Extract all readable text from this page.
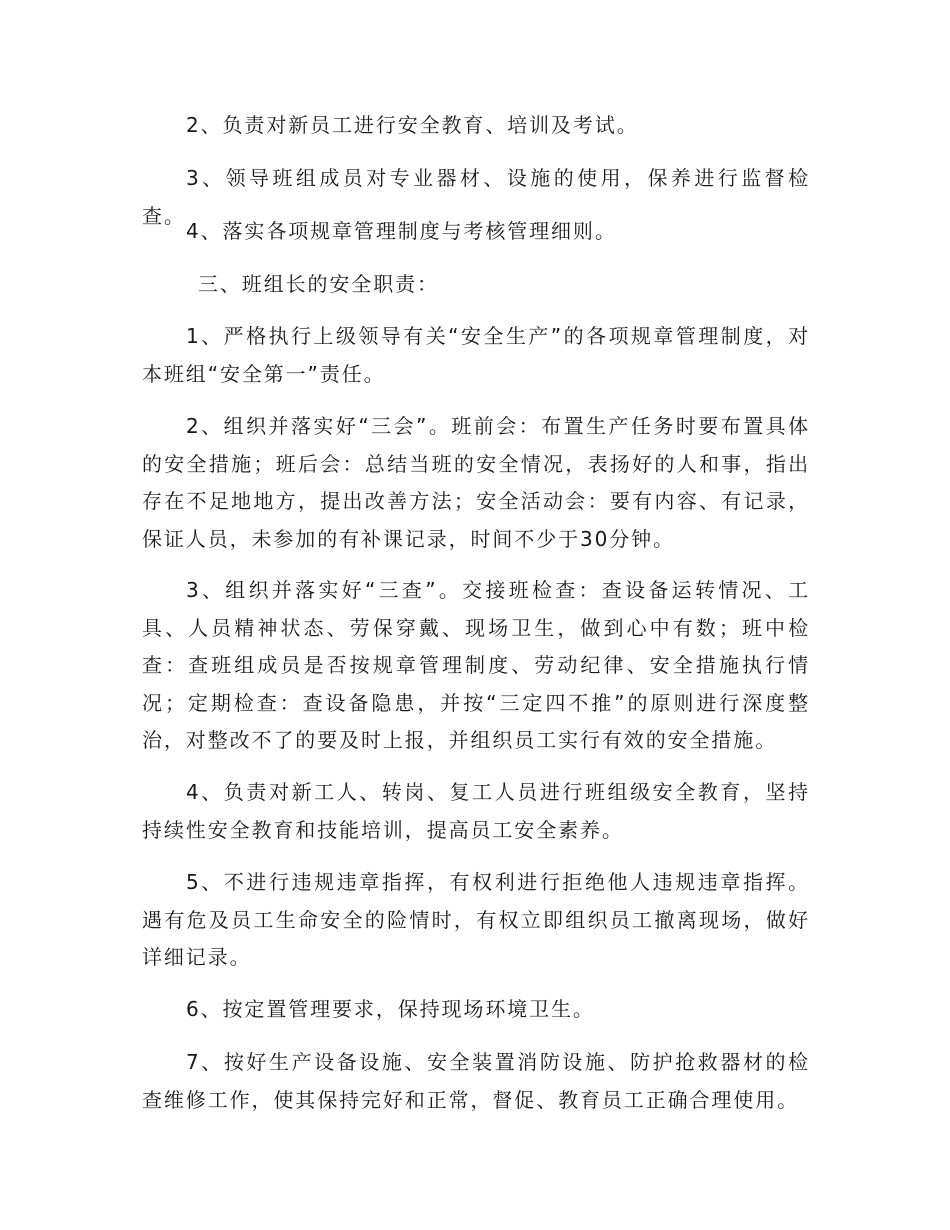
2、负责对新员工进行安全教育、培训及考试。

3、领导班组成员对专业器材、设施的使用，保养进行监督检查。

4、落实各项规章管理制度与考核管理细则。

三、班组长的安全职责：

1、严格执行上级领导有关“安全生产”的各项规章管理制度，对本班组“安全第一”责任。

2、组织并落实好“三会”。班前会：布置生产任务时要布置具体的安全措施；班后会：总结当班的安全情况，表扬好的人和事，指出存在不足地地方，提出改善方法；安全活动会：要有内容、有记录，保证人员，未参加的有补课记录，时间不少于30分钟。

3、组织并落实好“三查”。交接班检查：查设备运转情况、工具、人员精神状态、劳保穿戴、现场卫生，做到心中有数；班中检查：查班组成员是否按规章管理制度、劳动纪律、安全措施执行情况；定期检查：查设备隐患，并按“三定四不推”的原则进行深度整治，对整改不了的要及时上报，并组织员工实行有效的安全措施。

4、负责对新工人、转岗、复工人员进行班组级安全教育，坚持持续性安全教育和技能培训，提高员工安全素养。

5、不进行违规违章指挥，有权利进行拒绝他人违规违章指挥。遇有危及员工生命安全的险情时，有权立即组织员工撤离现场，做好详细记录。

6、按定置管理要求，保持现场环境卫生。

7、按好生产设备设施、安全装置消防设施、防护抢救器材的检查维修工作，使其保持完好和正常，督促、教育员工正确合理使用。
